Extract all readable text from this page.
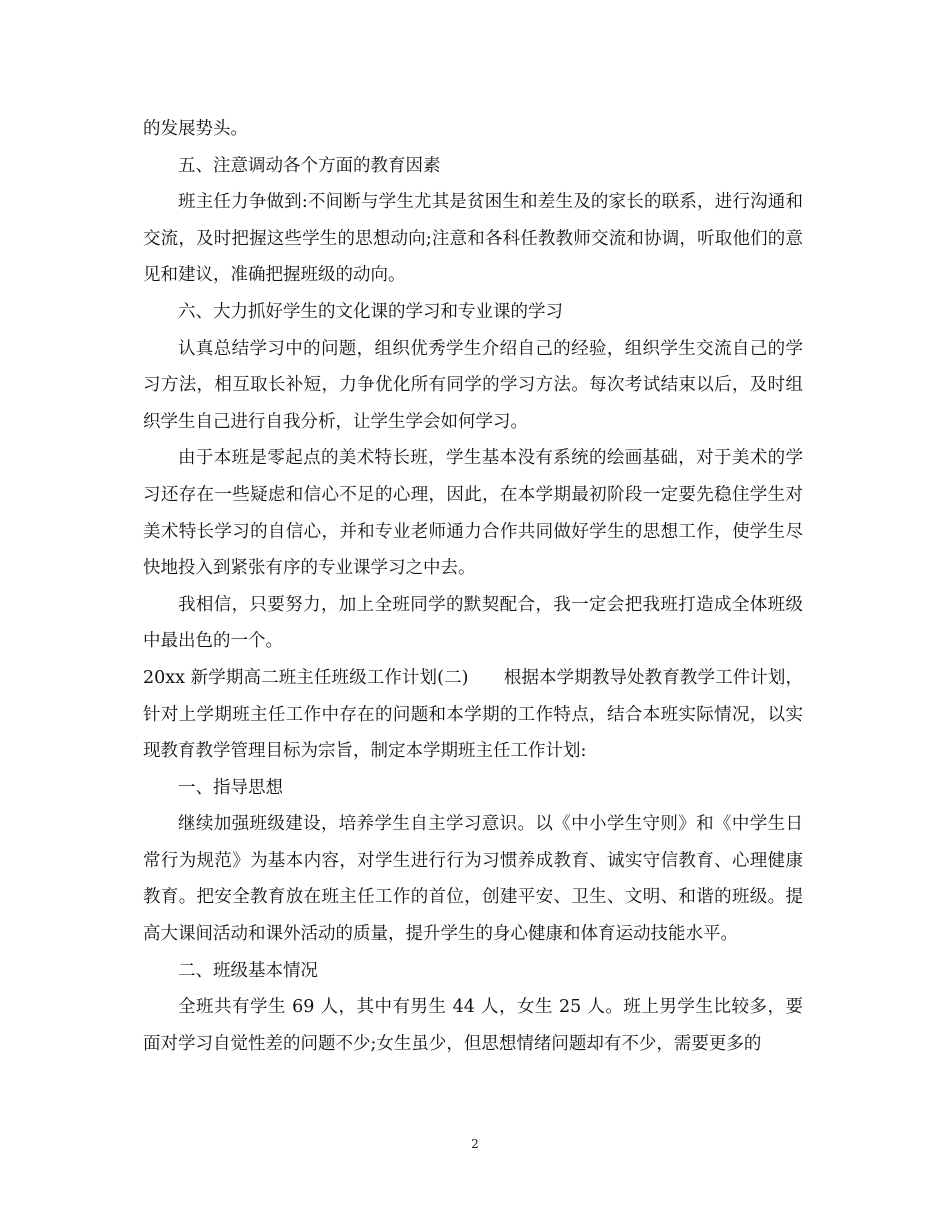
的发展势头。

五、注意调动各个方面的教育因素

班主任力争做到:不间断与学生尤其是贫困生和差生及的家长的联系，进行沟通和交流，及时把握这些学生的思想动向;注意和各科任教教师交流和协调，听取他们的意见和建议，准确把握班级的动向。

六、大力抓好学生的文化课的学习和专业课的学习

认真总结学习中的问题，组织优秀学生介绍自己的经验，组织学生交流自己的学习方法，相互取长补短，力争优化所有同学的学习方法。每次考试结束以后，及时组织学生自己进行自我分析，让学生学会如何学习。

由于本班是零起点的美术特长班，学生基本没有系统的绘画基础，对于美术的学习还存在一些疑虑和信心不足的心理，因此，在本学期最初阶段一定要先稳住学生对美术特长学习的自信心，并和专业老师通力合作共同做好学生的思想工作，使学生尽快地投入到紧张有序的专业课学习之中去。

我相信，只要努力，加上全班同学的默契配合，我一定会把我班打造成全体班级中最出色的一个。

20xx 新学期高二班主任班级工作计划(二)　　根据本学期教导处教育教学工件计划，针对上学期班主任工作中存在的问题和本学期的工作特点，结合本班实际情况，以实现教育教学管理目标为宗旨，制定本学期班主任工作计划:

一、指导思想

继续加强班级建设，培养学生自主学习意识。以《中小学生守则》和《中学生日常行为规范》为基本内容，对学生进行行为习惯养成教育、诚实守信教育、心理健康教育。把安全教育放在班主任工作的首位，创建平安、卫生、文明、和谐的班级。提高大课间活动和课外活动的质量，提升学生的身心健康和体育运动技能水平。

二、班级基本情况

全班共有学生 69 人，其中有男生 44 人，女生 25 人。班上男学生比较多，要面对学习自觉性差的问题不少;女生虽少，但思想情绪问题却有不少，需要更多的

2
